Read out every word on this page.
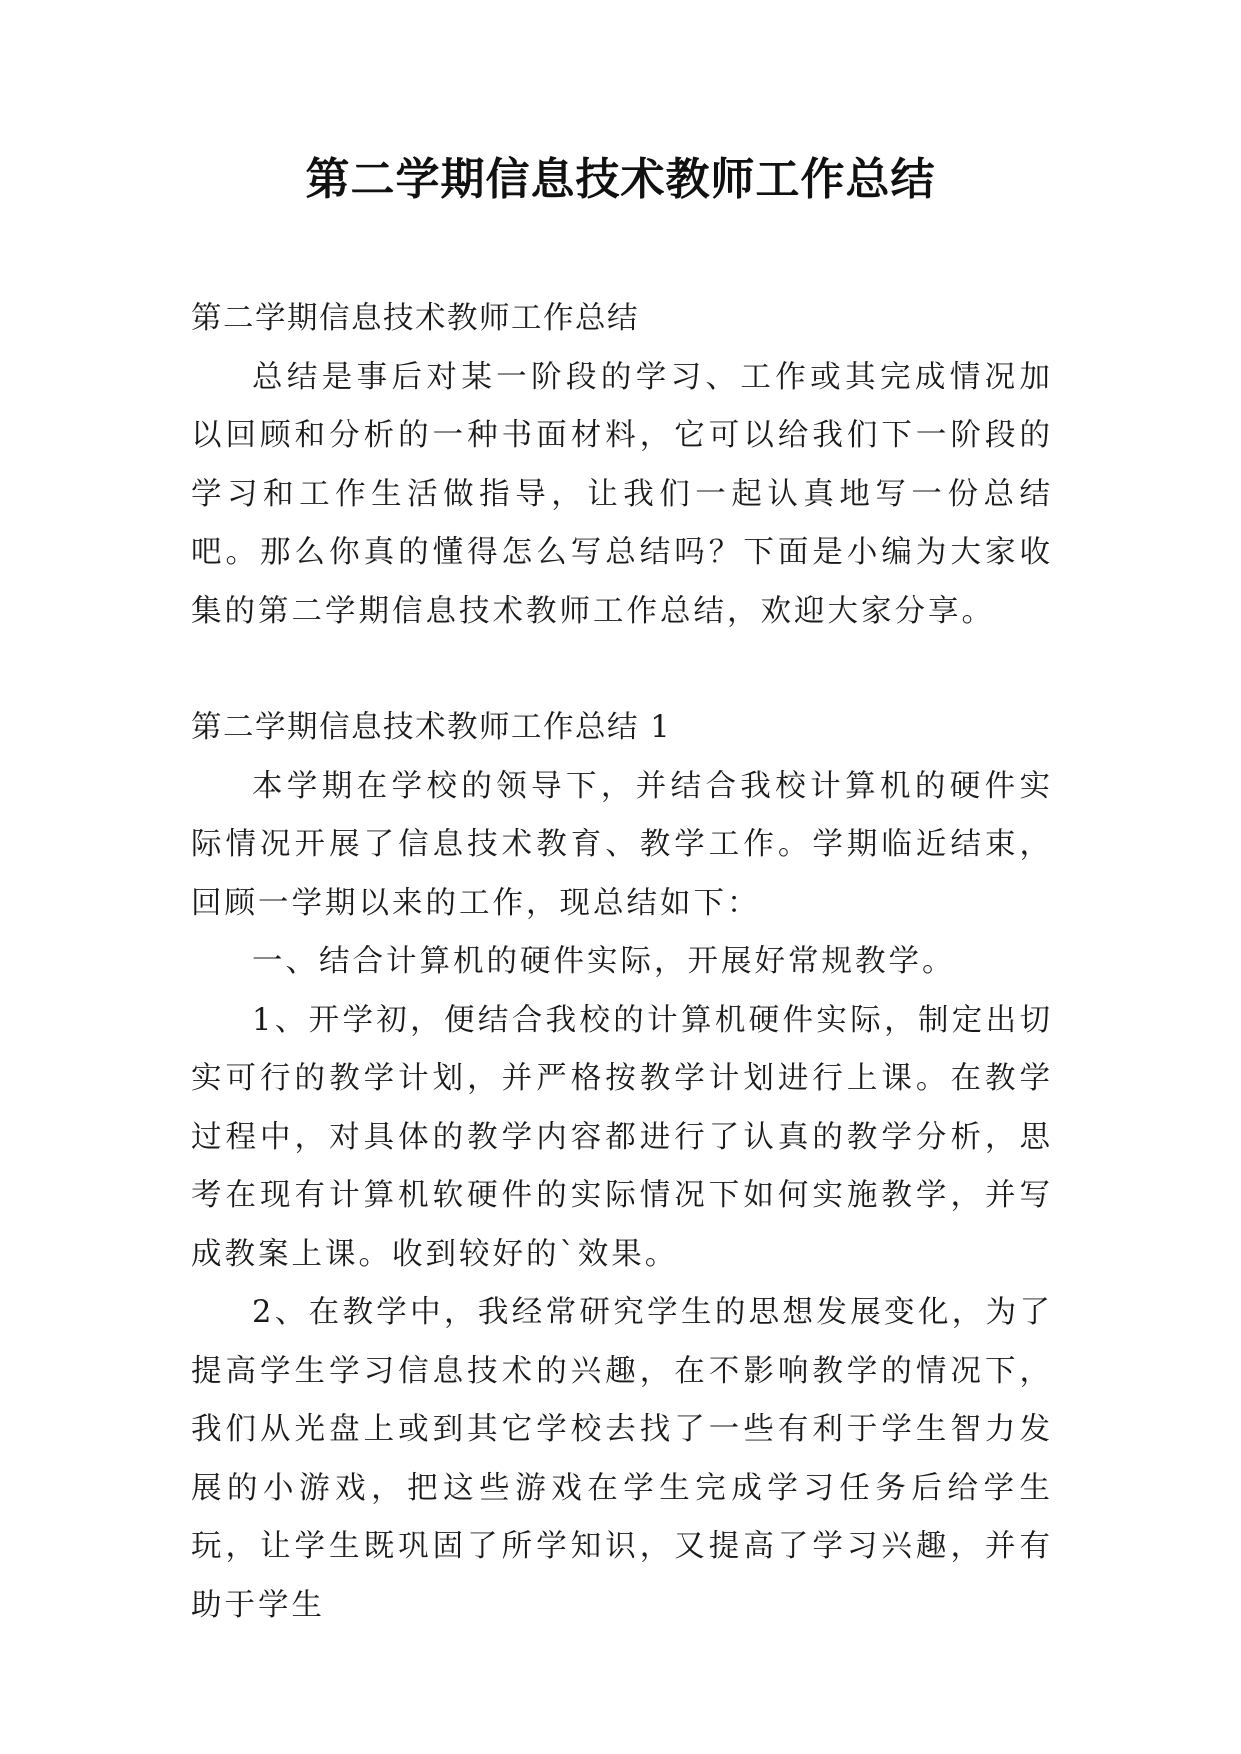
第二学期信息技术教师工作总结

第二学期信息技术教师工作总结

总结是事后对某一阶段的学习、工作或其完成情况加以回顾和分析的一种书面材料，它可以给我们下一阶段的学习和工作生活做指导，让我们一起认真地写一份总结吧。那么你真的懂得怎么写总结吗？下面是小编为大家收集的第二学期信息技术教师工作总结，欢迎大家分享。

第二学期信息技术教师工作总结 1

本学期在学校的领导下，并结合我校计算机的硬件实际情况开展了信息技术教育、教学工作。学期临近结束，回顾一学期以来的工作，现总结如下：

一、结合计算机的硬件实际，开展好常规教学。

1、开学初，便结合我校的计算机硬件实际，制定出切实可行的教学计划，并严格按教学计划进行上课。在教学过程中，对具体的教学内容都进行了认真的教学分析，思考在现有计算机软硬件的实际情况下如何实施教学，并写成教案上课。收到较好的`效果。

2、在教学中，我经常研究学生的思想发展变化，为了提高学生学习信息技术的兴趣，在不影响教学的情况下，我们从光盘上或到其它学校去找了一些有利于学生智力发展的小游戏，把这些游戏在学生完成学习任务后给学生玩，让学生既巩固了所学知识，又提高了学习兴趣，并有助于学生
